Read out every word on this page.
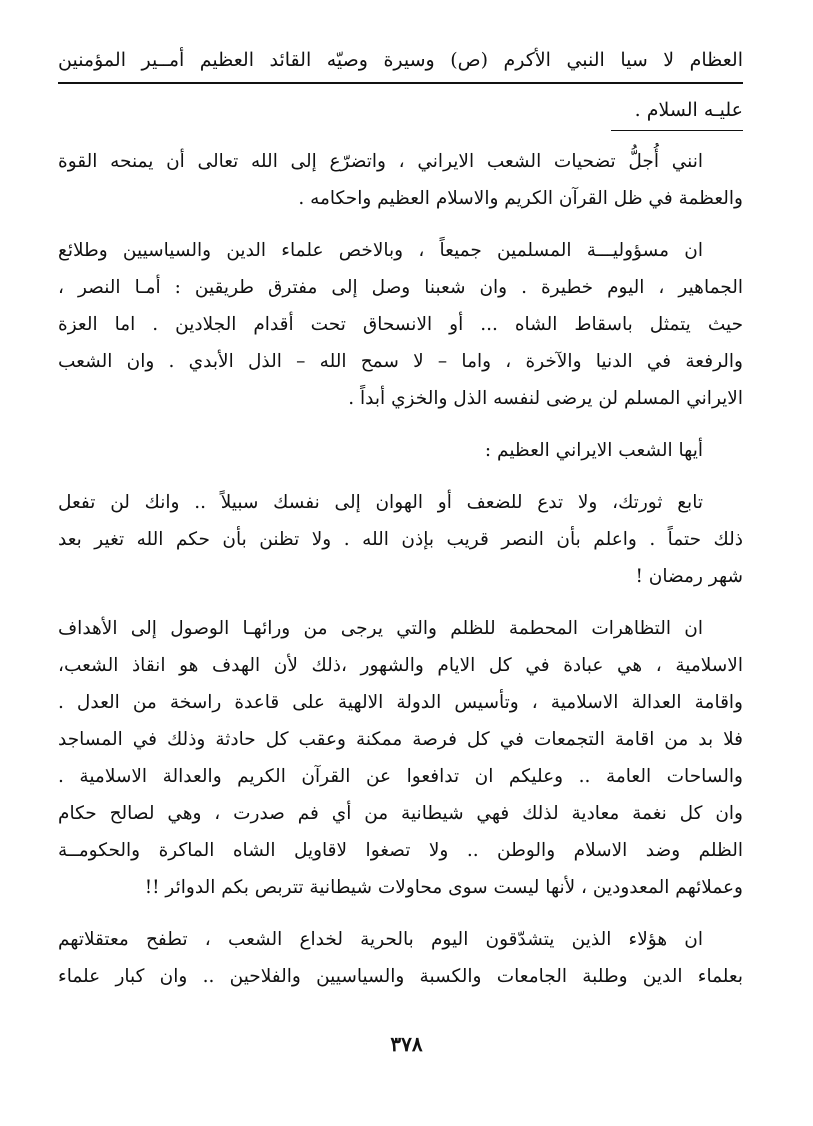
العظام لا سيا النبي الأكرم (ص) وسيرة وصيّه القائد العظيم أمــير المؤمنين
عليـه السلام .
انني أُجلُّ تضحيات الشعب الايراني ، واتضرّع إلى الله تعالى أن يمنحه القوة
والعظمة في ظل القرآن الكريم والاسلام العظيم واحكامه .
ان مسؤوليـــة المسلمين جميعاً ، وبالاخص علماء الدين والسياسيين وطلائع
الجماهير ، اليوم خطيرة . وان شعبنا وصل إلى مفترق طريقين : أمـا النصر ،
حيث يتمثل باسقاط الشاه ... أو الانسحاق تحت أقدام الجلادين . اما العزة
والرفعة في الدنيا والآخرة ، واما – لا سمح الله – الذل الأبدي . وان الشعب
الايراني المسلم لن يرضى لنفسه الذل والخزي أبداً .
أيها الشعب الايراني العظيم :
تابع ثورتك، ولا تدع للضعف أو الهوان إلى نفسك سبيلاً .. وانك لن تفعل
ذلك حتماً . واعلم بأن النصر قريب بإذن الله . ولا تظنن بأن حكم الله تغير بعد
شهر رمضان !
ان التظاهرات المحطمة للظلم والتي يرجى من ورائهـا الوصول إلى الأهداف
الاسلامية ، هي عبادة في كل الايام والشهور ،ذلك لأن الهدف هو انقاذ الشعب،
واقامة العدالة الاسلامية ، وتأسيس الدولة الالهية على قاعدة راسخة من العدل .
فلا بد من اقامة التجمعات في كل فرصة ممكنة وعقب كل حادثة وذلك في المساجد
والساحات العامة .. وعليكم ان تدافعوا عن القرآن الكريم والعدالة الاسلامية .
وان كل نغمة معادية لذلك فهي شيطانية من أي فم صدرت ، وهي لصالح حكام
الظلم وضد الاسلام والوطن .. ولا تصغوا لاقاويل الشاه الماكرة والحكومــة
وعملائهم المعدودين ، لأنها ليست سوى محاولات شيطانية تتربص بكم الدوائر !!
ان هؤلاء الذين يتشدّقون اليوم بالحرية لخداع الشعب ، تطفح معتقلاتهم
بعلماء الدين وطلبة الجامعات والكسبة والسياسيين والفلاحين .. وان كبار علماء
٣٧٨
